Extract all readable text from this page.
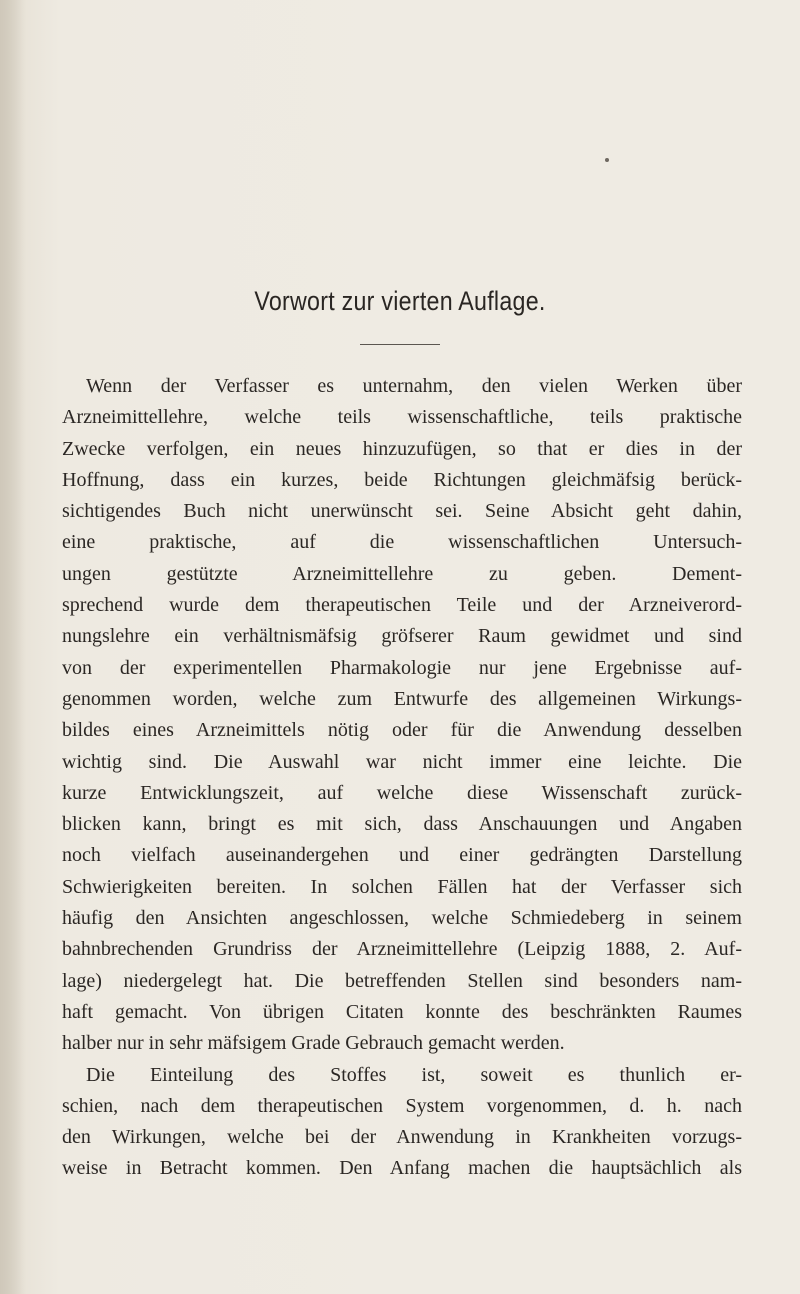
Vorwort zur vierten Auflage.
Wenn der Verfasser es unternahm, den vielen Werken über
Arzneimittellehre, welche teils wissenschaftliche, teils praktische
Zwecke verfolgen, ein neues hinzuzufügen, so that er dies in der
Hoffnung, dass ein kurzes, beide Richtungen gleichmäfsig berück-
sichtigendes Buch nicht unerwünscht sei. Seine Absicht geht dahin,
eine praktische, auf die wissenschaftlichen Untersuch-
ungen gestützte Arzneimittellehre zu geben. Dement-
sprechend wurde dem therapeutischen Teile und der Arzneiverord-
nungslehre ein verhältnismäfsig gröfserer Raum gewidmet und sind
von der experimentellen Pharmakologie nur jene Ergebnisse auf-
genommen worden, welche zum Entwurfe des allgemeinen Wirkungs-
bildes eines Arzneimittels nötig oder für die Anwendung desselben
wichtig sind. Die Auswahl war nicht immer eine leichte. Die
kurze Entwicklungszeit, auf welche diese Wissenschaft zurück-
blicken kann, bringt es mit sich, dass Anschauungen und Angaben
noch vielfach auseinandergehen und einer gedrängten Darstellung
Schwierigkeiten bereiten. In solchen Fällen hat der Verfasser sich
häufig den Ansichten angeschlossen, welche Schmiedeberg in seinem
bahnbrechenden Grundriss der Arzneimittellehre (Leipzig 1888, 2. Auf-
lage) niedergelegt hat. Die betreffenden Stellen sind besonders nam-
haft gemacht. Von übrigen Citaten konnte des beschränkten Raumes
halber nur in sehr mäfsigem Grade Gebrauch gemacht werden.
Die Einteilung des Stoffes ist, soweit es thunlich er-
schien, nach dem therapeutischen System vorgenommen, d. h. nach
den Wirkungen, welche bei der Anwendung in Krankheiten vorzugs-
weise in Betracht kommen. Den Anfang machen die hauptsächlich als
